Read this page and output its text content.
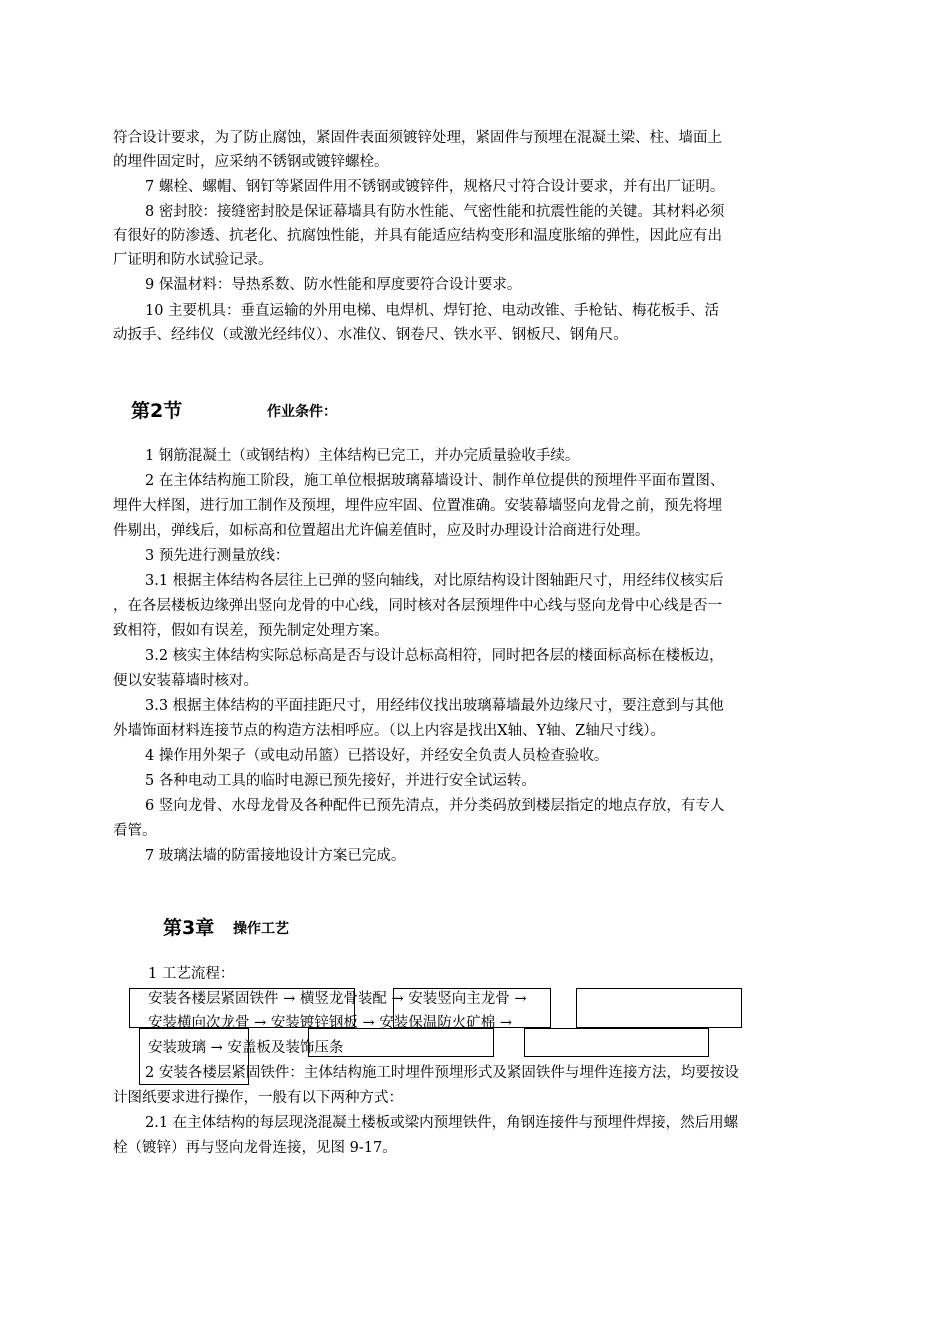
符合设计要求，为了防止腐蚀，紧固件表面须镀锌处理，紧固件与预埋在混凝土梁、柱、墙面上
的埋件固定时，应采纳不锈钢或镀锌螺栓。
7 螺栓、螺帽、钢钉等紧固件用不锈钢或镀锌件，规格尺寸符合设计要求，并有出厂证明。
8 密封胶：接缝密封胶是保证幕墙具有防水性能、气密性能和抗震性能的关键。其材料必须
有很好的防渗透、抗老化、抗腐蚀性能，并具有能适应结构变形和温度胀缩的弹性，因此应有出
厂证明和防水试验记录。
9 保温材料：导热系数、防水性能和厚度要符合设计要求。
10 主要机具：垂直运输的外用电梯、电焊机、焊钉抢、电动改锥、手枪钻、梅花板手、活
动扳手、经纬仪（或激光经纬仪）、水准仪、钢卷尺、铁水平、钢板尺、钢角尺。
第2节	作业条件：
1 钢筋混凝土（或钢结构）主体结构已完工，并办完质量验收手续。
2 在主体结构施工阶段，施工单位根据玻璃幕墙设计、制作单位提供的预埋件平面布置图、
埋件大样图，进行加工制作及预埋，埋件应牢固、位置准确。安装幕墙竖向龙骨之前，预先将埋
件剔出，弹线后，如标高和位置超出尤许偏差值时，应及时办理设计洽商进行处理。
3 预先进行测量放线：
3.1 根据主体结构各层往上已弹的竖向轴线，对比原结构设计图轴距尺寸，用经纬仪核实后
，在各层楼板边缘弹出竖向龙骨的中心线，同时核对各层预埋件中心线与竖向龙骨中心线是否一
致相符，假如有误差，预先制定处理方案。
3.2 核实主体结构实际总标高是否与设计总标高相符，同时把各层的楼面标高标在楼板边，
便以安装幕墙时核对。
3.3 根据主体结构的平面挂距尺寸，用经纬仪找出玻璃幕墙最外边缘尺寸，要注意到与其他
外墙饰面材料连接节点的构造方法相呼应。（以上内容是找出X轴、Y轴、Z轴尺寸线）。
4 操作用外架子（或电动吊篮）已搭设好，并经安全负责人员检查验收。
5 各种电动工具的临时电源已预先接好，并进行安全试运转。
6 竖向龙骨、水母龙骨及各种配件已预先清点，并分类码放到楼层指定的地点存放，有专人
看管。
7 玻璃法墙的防雷接地设计方案已完成。
第3章 操作工艺
1 工艺流程：
安装各楼层紧固铁件 → 横竖龙骨装配 → 安装竖向主龙骨 →
安装横向次龙骨 → 安装镀锌钢板 → 安装保温防火矿棉 →
安装玻璃 → 安盖板及装饰压条
2 安装各楼层紧固铁件：主体结构施工时埋件预埋形式及紧固铁件与埋件连接方法，均要按设
计图纸要求进行操作，一般有以下两种方式：
2.1 在主体结构的每层现浇混凝土楼板或梁内预埋铁件，角钢连接件与预埋件焊接，然后用螺
栓（镀锌）再与竖向龙骨连接，见图 9-17。
